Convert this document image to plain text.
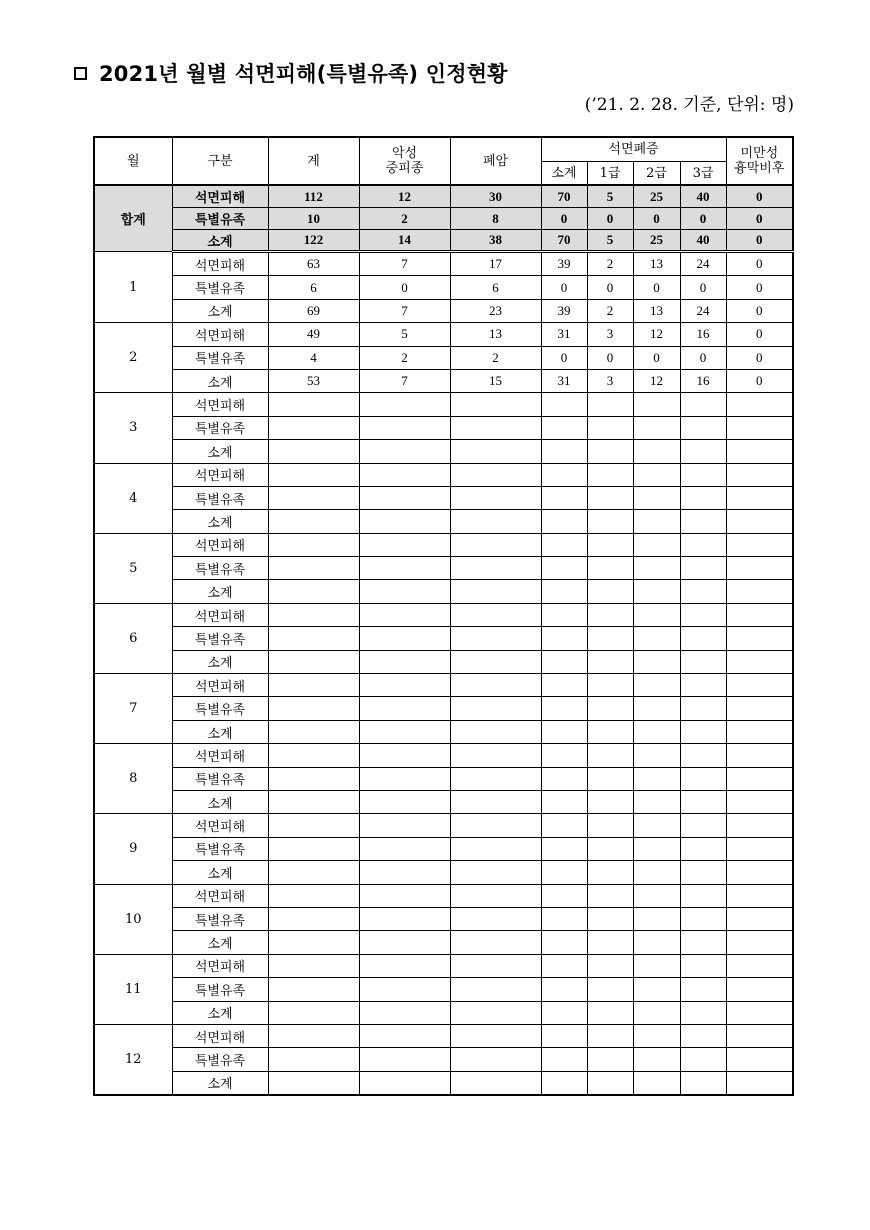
2021년 월별 석면피해(특별유족) 인정현황
(’21. 2. 28. 기준, 단위: 명)
월	구분	계	악성
중피종	폐암	석면폐증				미만성
흉막비후
					소계	1급	2급	3급	
합계	석면피해	112	12	30	70	5	25	40	0
	특별유족	10	2	8	0	0	0	0	0
	소계	122	14	38	70	5	25	40	0
1	석면피해	63	7	17	39	2	13	24	0
	특별유족	6	0	6	0	0	0	0	0
	소계	69	7	23	39	2	13	24	0
2	석면피해	49	5	13	31	3	12	16	0
	특별유족	4	2	2	0	0	0	0	0
	소계	53	7	15	31	3	12	16	0
3	석면피해								
	특별유족								
	소계								
4	석면피해								
	특별유족								
	소계								
5	석면피해								
	특별유족								
	소계								
6	석면피해								
	특별유족								
	소계								
7	석면피해								
	특별유족								
	소계								
8	석면피해								
	특별유족								
	소계								
9	석면피해								
	특별유족								
	소계								
10	석면피해								
	특별유족								
	소계								
11	석면피해								
	특별유족								
	소계								
12	석면피해								
	특별유족								
	소계								
